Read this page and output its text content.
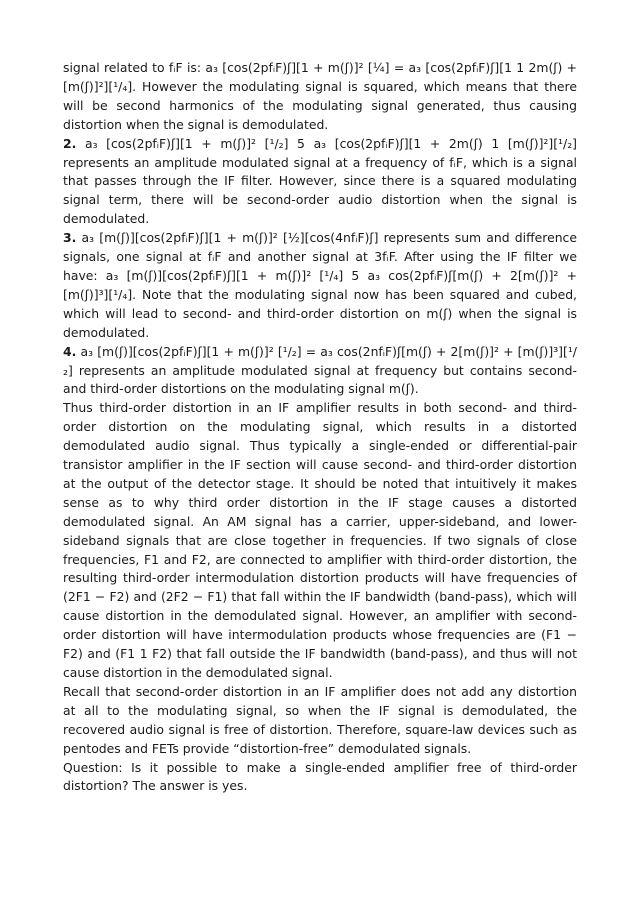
signal related to fᵢF is: a₃ [cos(2pfᵢF)ʃ][1 + m(ʃ)]² [¼] = a₃ [cos(2pfᵢF)ʃ][1 1 2m(ʃ) + [m(ʃ)]²][¹/₄]. However the modulating signal is squared, which means that there will be second harmonics of the modulating signal generated, thus causing distortion when the signal is demodulated.

2. a₃ [cos(2pfᵢF)ʃ][1 + m(ʃ)]² [¹/₂] 5 a₃ [cos(2pfᵢF)ʃ][1 + 2m(ʃ) 1 [m(ʃ)]²][¹/₂] represents an amplitude modulated signal at a frequency of fᵢF, which is a signal that passes through the IF filter. However, since there is a squared modulating signal term, there will be second-order audio distortion when the signal is demodulated.

3. a₃ [m(ʃ)][cos(2pfᵢF)ʃ][1 + m(ʃ)]² [½][cos(4nfᵢF)ʃ] represents sum and difference signals, one signal at fᵢF and another signal at 3fᵢF. After using the IF filter we have: a₃ [m(ʃ)][cos(2pfᵢF)ʃ][1 + m(ʃ)]² [¹/₄] 5 a₃ cos(2pfᵢF)ʃ[m(ʃ) + 2[m(ʃ)]² + [m(ʃ)]³][¹/₄]. Note that the modulating signal now has been squared and cubed, which will lead to second- and third-order distortion on m(ʃ) when the signal is demodulated.

4. a₃ [m(ʃ)][cos(2pfᵢF)ʃ][1 + m(ʃ)]² [¹/₂] = a₃ cos(2nfᵢF)ʃ[m(ʃ) + 2[m(ʃ)]² + [m(ʃ)]³][¹/₂] represents an amplitude modulated signal at frequency but contains second-and third-order distortions on the modulating signal m(ʃ).

Thus third-order distortion in an IF amplifier results in both second- and third-order distortion on the modulating signal, which results in a distorted demodulated audio signal. Thus typically a single-ended or differential-pair transistor amplifier in the IF section will cause second- and third-order distortion at the output of the detector stage. It should be noted that intuitively it makes sense as to why third order distortion in the IF stage causes a distorted demodulated signal. An AM signal has a carrier, upper-sideband, and lower-sideband signals that are close together in frequencies. If two signals of close frequencies, F1 and F2, are connected to amplifier with third-order distortion, the resulting third-order intermodulation distortion products will have frequencies of (2F1 − F2) and (2F2 − F1) that fall within the IF bandwidth (band-pass), which will cause distortion in the demodulated signal. However, an amplifier with second-order distortion will have intermodulation products whose frequencies are (F1 − F2) and (F1 1 F2) that fall outside the IF bandwidth (band-pass), and thus will not cause distortion in the demodulated signal.

Recall that second-order distortion in an IF amplifier does not add any distortion at all to the modulating signal, so when the IF signal is demodulated, the recovered audio signal is free of distortion. Therefore, square-law devices such as pentodes and FETs provide “distortion-free” demodulated signals.

Question: Is it possible to make a single-ended amplifier free of third-order distortion? The answer is yes.
